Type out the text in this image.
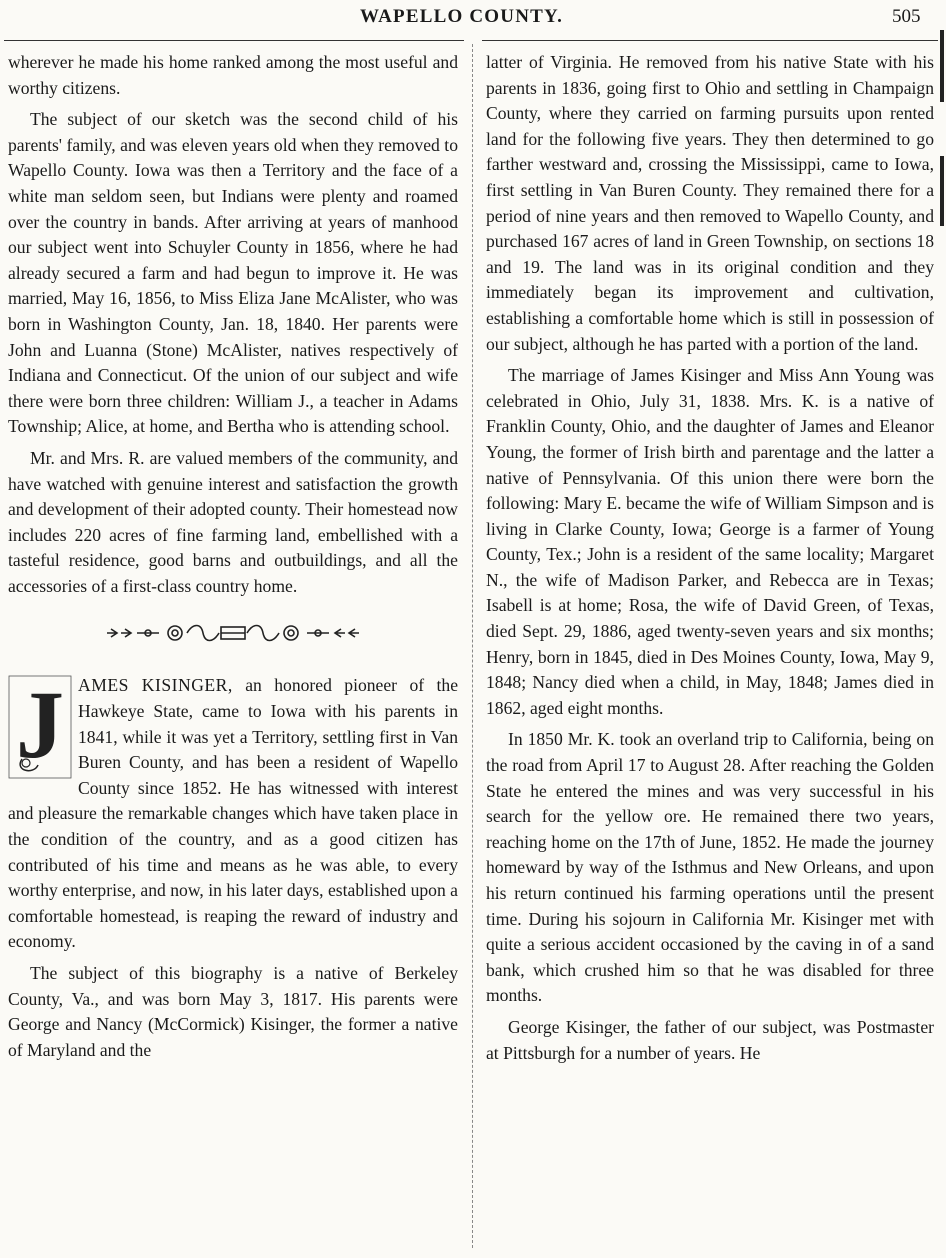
WAPELLO COUNTY.	505

wherever he made his home ranked among the most useful and worthy citizens.

The subject of our sketch was the second child of his parents' family, and was eleven years old when they removed to Wapello County. Iowa was then a Territory and the face of a white man seldom seen, but Indians were plenty and roamed over the country in bands. After arriving at years of manhood our subject went into Schuyler County in 1856, where he had already secured a farm and had begun to improve it. He was married, May 16, 1856, to Miss Eliza Jane McAlister, who was born in Washington County, Jan. 18, 1840. Her parents were John and Luanna (Stone) McAlister, natives respectively of Indiana and Connecticut. Of the union of our subject and wife there were born three children: William J., a teacher in Adams Township; Alice, at home, and Bertha who is attending school.

Mr. and Mrs. R. are valued members of the community, and have watched with genuine interest and satisfaction the growth and development of their adopted county. Their homestead now includes 220 acres of fine farming land, embellished with a tasteful residence, good barns and outbuildings, and all the accessories of a first-class country home.

J AMES KISINGER, an honored pioneer of the Hawkeye State, came to Iowa with his parents in 1841, while it was yet a Territory, settling first in Van Buren County, and has been a resident of Wapello County since 1852. He has witnessed with interest and pleasure the remarkable changes which have taken place in the condition of the country, and as a good citizen has contributed of his time and means as he was able, to every worthy enterprise, and now, in his later days, established upon a comfortable homestead, is reaping the reward of industry and economy.

The subject of this biography is a native of Berkeley County, Va., and was born May 3, 1817. His parents were George and Nancy (McCormick) Kisinger, the former a native of Maryland and the

latter of Virginia. He removed from his native State with his parents in 1836, going first to Ohio and settling in Champaign County, where they carried on farming pursuits upon rented land for the following five years. They then determined to go farther westward and, crossing the Mississippi, came to Iowa, first settling in Van Buren County. They remained there for a period of nine years and then removed to Wapello County, and purchased 167 acres of land in Green Township, on sections 18 and 19. The land was in its original condition and they immediately began its improvement and cultivation, establishing a comfortable home which is still in possession of our subject, although he has parted with a portion of the land.

The marriage of James Kisinger and Miss Ann Young was celebrated in Ohio, July 31, 1838. Mrs. K. is a native of Franklin County, Ohio, and the daughter of James and Eleanor Young, the former of Irish birth and parentage and the latter a native of Pennsylvania. Of this union there were born the following: Mary E. became the wife of William Simpson and is living in Clarke County, Iowa; George is a farmer of Young County, Tex.; John is a resident of the same locality; Margaret N., the wife of Madison Parker, and Rebecca are in Texas; Isabell is at home; Rosa, the wife of David Green, of Texas, died Sept. 29, 1886, aged twenty-seven years and six months; Henry, born in 1845, died in Des Moines County, Iowa, May 9, 1848; Nancy died when a child, in May, 1848; James died in 1862, aged eight months.

In 1850 Mr. K. took an overland trip to California, being on the road from April 17 to August 28. After reaching the Golden State he entered the mines and was very successful in his search for the yellow ore. He remained there two years, reaching home on the 17th of June, 1852. He made the journey homeward by way of the Isthmus and New Orleans, and upon his return continued his farming operations until the present time. During his sojourn in California Mr. Kisinger met with quite a serious accident occasioned by the caving in of a sand bank, which crushed him so that he was disabled for three months.

George Kisinger, the father of our subject, was Postmaster at Pittsburgh for a number of years. He
